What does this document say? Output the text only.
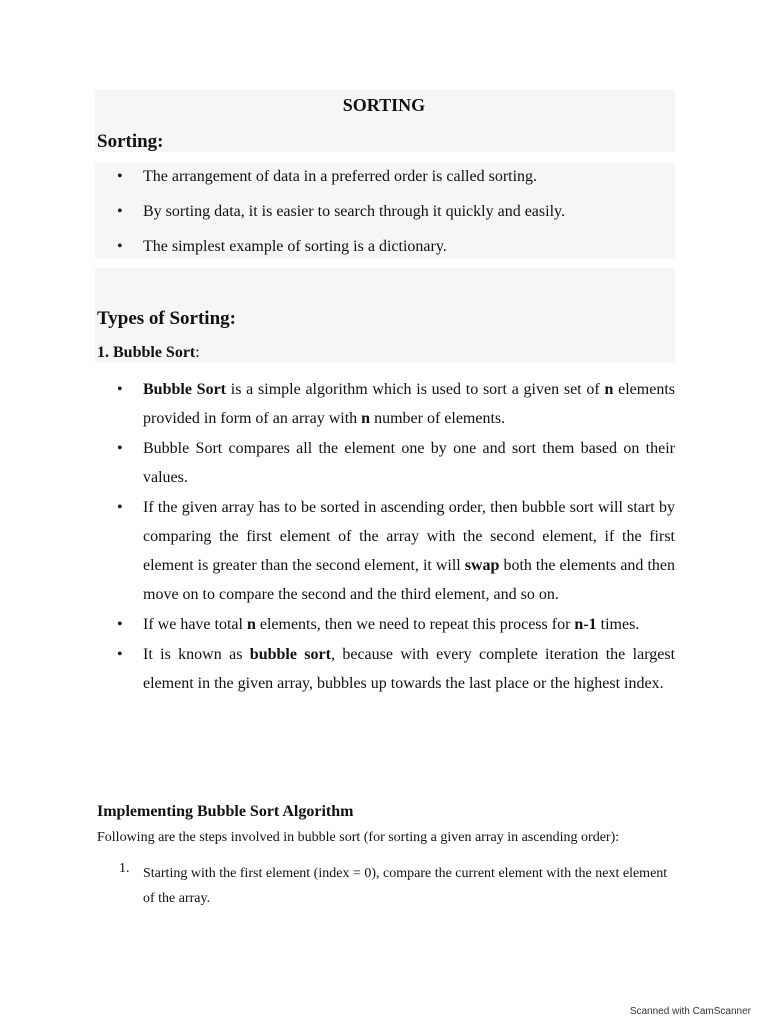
SORTING
Sorting:
• The arrangement of data in a preferred order is called sorting.
• By sorting data, it is easier to search through it quickly and easily.
• The simplest example of sorting is a dictionary.
Types of Sorting:
1. Bubble Sort:
• Bubble Sort is a simple algorithm which is used to sort a given set of n elements provided in form of an array with n number of elements.
• Bubble Sort compares all the element one by one and sort them based on their values.
• If the given array has to be sorted in ascending order, then bubble sort will start by comparing the first element of the array with the second element, if the first element is greater than the second element, it will swap both the elements and then move on to compare the second and the third element, and so on.
• If we have total n elements, then we need to repeat this process for n-1 times.
• It is known as bubble sort, because with every complete iteration the largest element in the given array, bubbles up towards the last place or the highest index.
Implementing Bubble Sort Algorithm
Following are the steps involved in bubble sort (for sorting a given array in ascending order):
1. Starting with the first element (index = 0), compare the current element with the next element of the array.
Scanned with CamScanner
